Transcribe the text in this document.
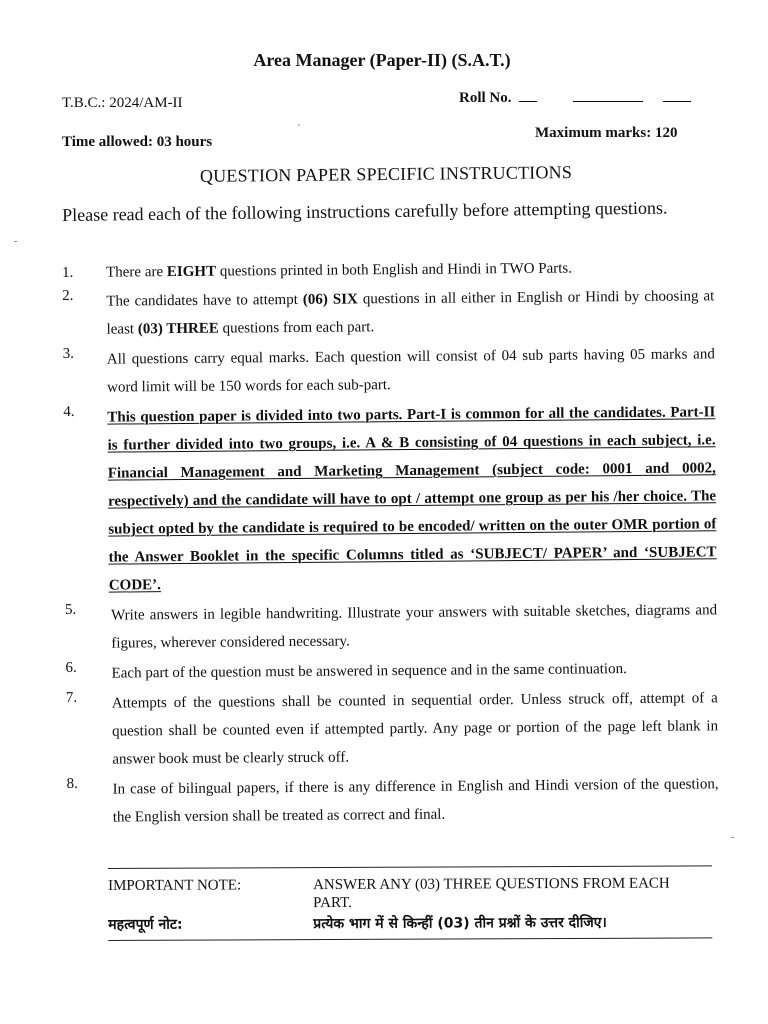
Area Manager (Paper-II) (S.A.T.)
T.B.C.: 2024/AM-II	Roll No.
Time allowed: 03 hours
Maximum marks: 120
QUESTION PAPER SPECIFIC INSTRUCTIONS
Please read each of the following instructions carefully before attempting questions.
1.	There are EIGHT questions printed in both English and Hindi in TWO Parts.
2.	The candidates have to attempt (06) SIX questions in all either in English or Hindi by choosing at least (03) THREE questions from each part.
3.	All questions carry equal marks. Each question will consist of 04 sub parts having 05 marks and word limit will be 150 words for each sub-part.
4.	This question paper is divided into two parts. Part-I is common for all the candidates. Part-II is further divided into two groups, i.e. A & B consisting of 04 questions in each subject, i.e. Financial Management and Marketing Management (subject code: 0001 and 0002, respectively) and the candidate will have to opt / attempt one group as per his /her choice. The subject opted by the candidate is required to be encoded/ written on the outer OMR portion of the Answer Booklet in the specific Columns titled as ‘SUBJECT/ PAPER’ and ‘SUBJECT CODE’.
5.	Write answers in legible handwriting. Illustrate your answers with suitable sketches, diagrams and figures, wherever considered necessary.
6.	Each part of the question must be answered in sequence and in the same continuation.
7.	Attempts of the questions shall be counted in sequential order. Unless struck off, attempt of a question shall be counted even if attempted partly. Any page or portion of the page left blank in answer book must be clearly struck off.
8.	In case of bilingual papers, if there is any difference in English and Hindi version of the question, the English version shall be treated as correct and final.
IMPORTANT NOTE:	ANSWER ANY (03) THREE QUESTIONS FROM EACH PART.
महत्वपूर्ण नोट:	प्रत्येक भाग में से किन्हीं (03) तीन प्रश्नों के उत्तर दीजिए।
'
-
-
